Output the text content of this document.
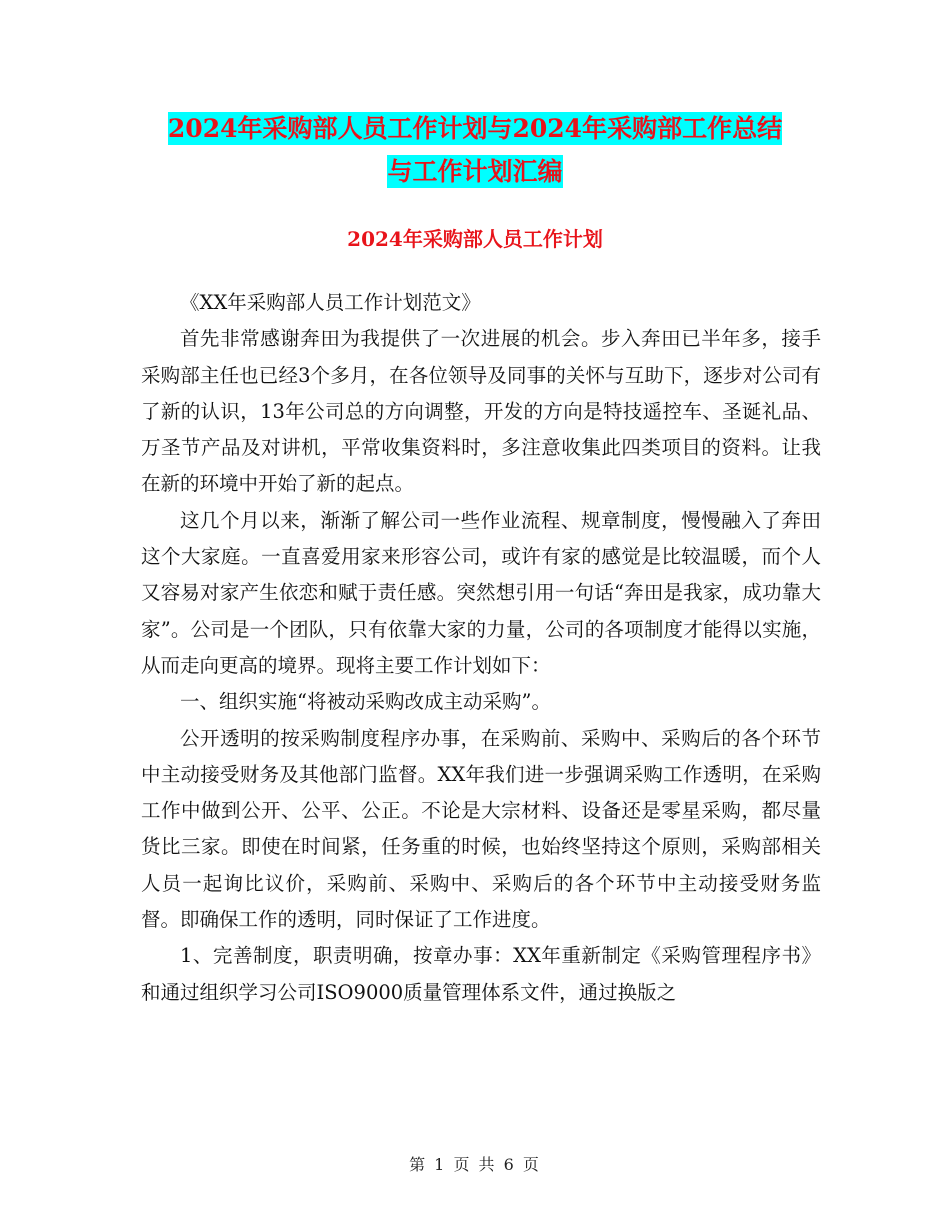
2024年采购部人员工作计划与2024年采购部工作总结
与工作计划汇编
2024年采购部人员工作计划

《XX年采购部人员工作计划范文》

首先非常感谢奔田为我提供了一次进展的机会。步入奔田已半年多，接手采购部主任也已经3个多月，在各位领导及同事的关怀与互助下，逐步对公司有了新的认识，13年公司总的方向调整，开发的方向是特技遥控车、圣诞礼品、万圣节产品及对讲机，平常收集资料时，多注意收集此四类项目的资料。让我在新的环境中开始了新的起点。

这几个月以来，渐渐了解公司一些作业流程、规章制度，慢慢融入了奔田这个大家庭。一直喜爱用家来形容公司，或许有家的感觉是比较温暖，而个人又容易对家产生依恋和赋于责任感。突然想引用一句话“奔田是我家，成功靠大家”。公司是一个团队，只有依靠大家的力量，公司的各项制度才能得以实施，从而走向更高的境界。现将主要工作计划如下：

一、组织实施“将被动采购改成主动采购”。

公开透明的按采购制度程序办事，在采购前、采购中、采购后的各个环节中主动接受财务及其他部门监督。XX年我们进一步强调采购工作透明，在采购工作中做到公开、公平、公正。不论是大宗材料、设备还是零星采购，都尽量货比三家。即使在时间紧，任务重的时候，也始终坚持这个原则，采购部相关人员一起询比议价，采购前、采购中、采购后的各个环节中主动接受财务监督。即确保工作的透明，同时保证了工作进度。

1、完善制度，职责明确，按章办事：XX年重新制定《采购管理程序书》和通过组织学习公司ISO9000质量管理体系文件，通过换版之

第 1 页 共 6 页
